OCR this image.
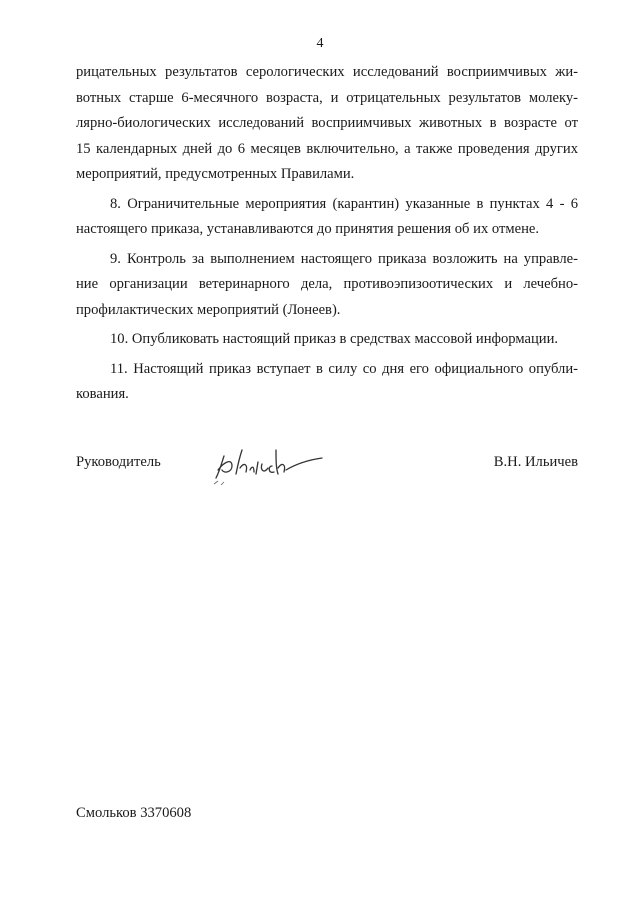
4
рицательных результатов серологических исследований восприимчивых жи-
вотных старше 6-месячного возраста, и отрицательных результатов молеку-
лярно-биологических исследований восприимчивых животных в возрасте от
15 календарных дней до 6 месяцев включительно, а также проведения других
мероприятий, предусмотренных Правилами.
8. Ограничительные мероприятия (карантин) указанные в пунктах 4 - 6
настоящего приказа, устанавливаются до принятия решения об их отмене.
9. Контроль за выполнением настоящего приказа возложить на управле-
ние организации ветеринарного дела, противоэпизоотических и лечебно-
профилактических мероприятий (Лонеев).
10. Опубликовать настоящий приказ в средствах массовой информации.
11. Настоящий приказ вступает в силу со дня его официального опубли-
кования.
Руководитель	В.Н. Ильичев
Смольков 3370608
